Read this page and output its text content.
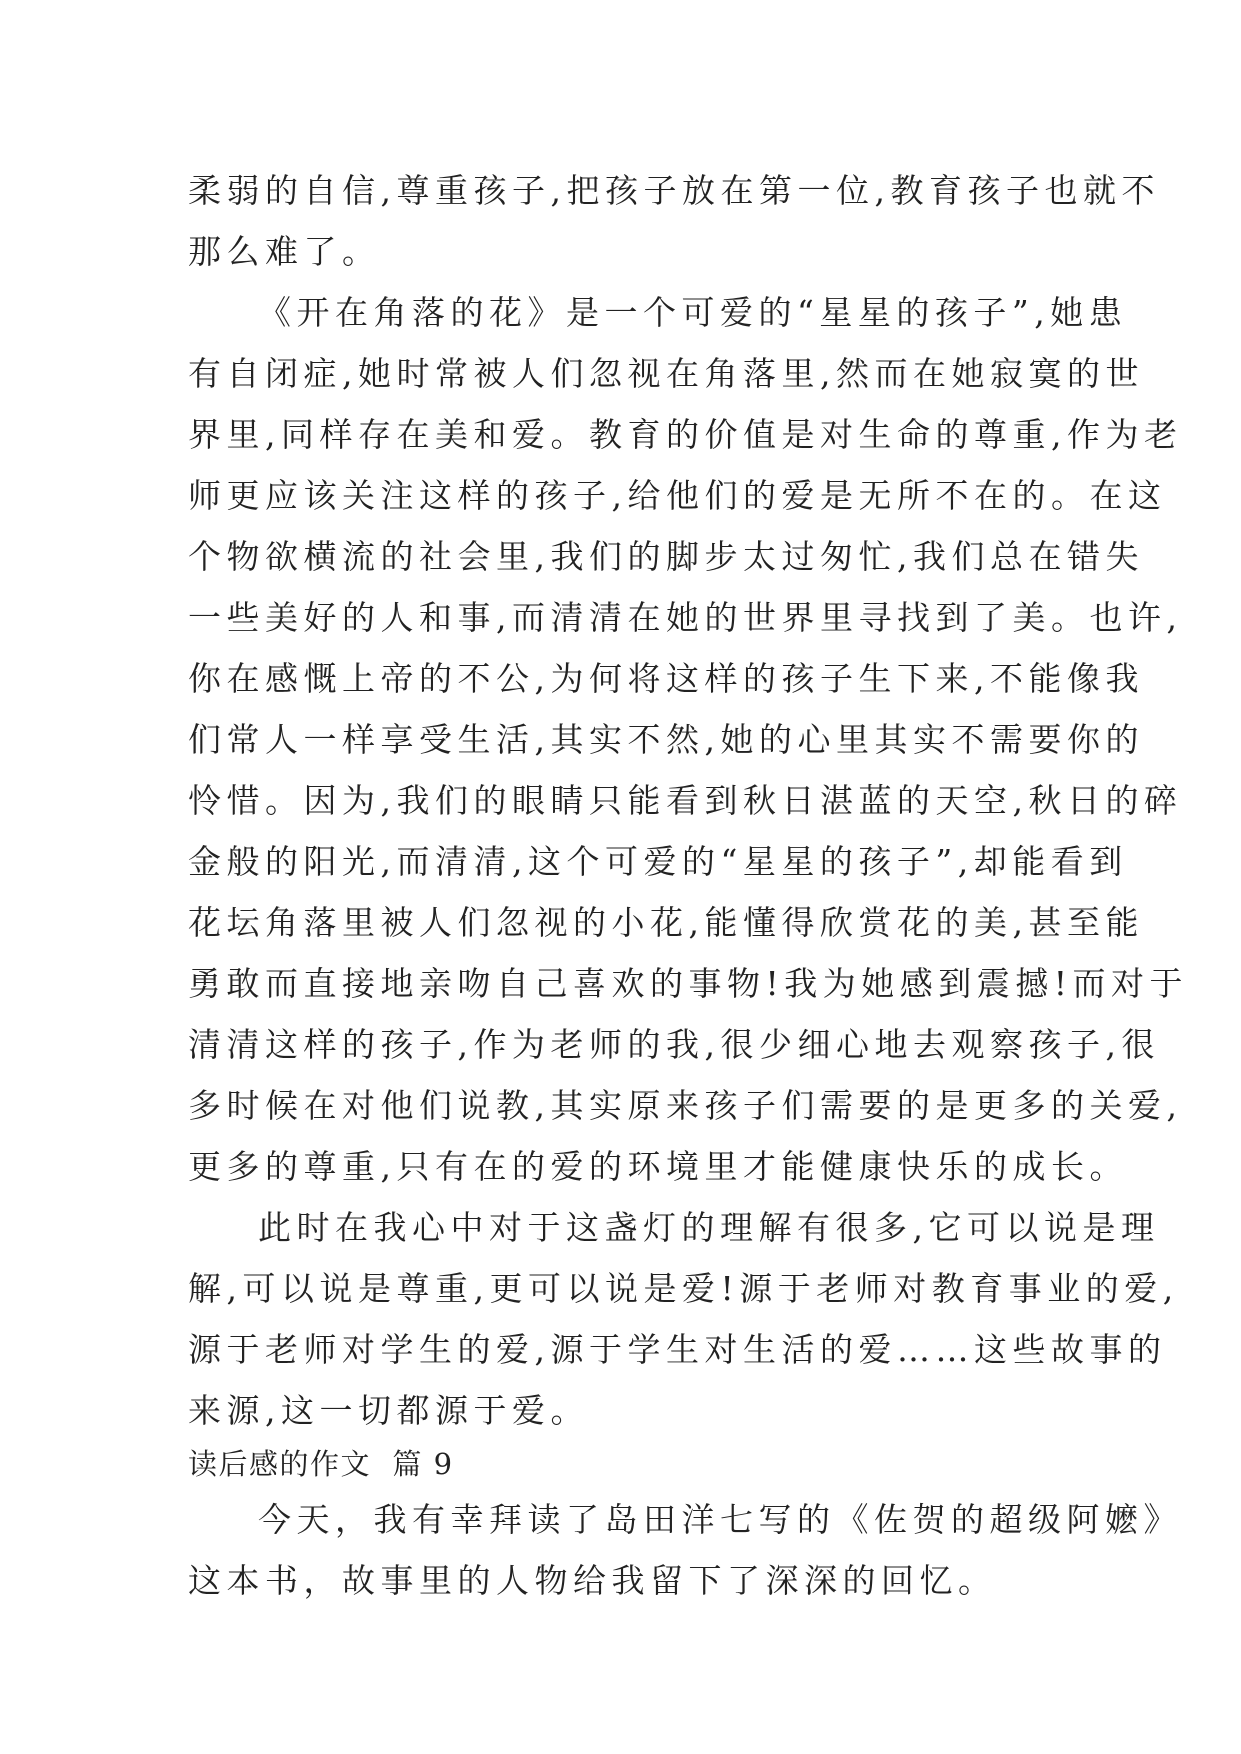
柔弱的自信,尊重孩子,把孩子放在第一位,教育孩子也就不
那么难了。
《开在角落的花》是一个可爱的“星星的孩子”,她患
有自闭症,她时常被人们忽视在角落里,然而在她寂寞的世
界里,同样存在美和爱。教育的价值是对生命的尊重,作为老
师更应该关注这样的孩子,给他们的爱是无所不在的。在这
个物欲横流的社会里,我们的脚步太过匆忙,我们总在错失
一些美好的人和事,而清清在她的世界里寻找到了美。也许,
你在感慨上帝的不公,为何将这样的孩子生下来,不能像我
们常人一样享受生活,其实不然,她的心里其实不需要你的
怜惜。因为,我们的眼睛只能看到秋日湛蓝的天空,秋日的碎
金般的阳光,而清清,这个可爱的“星星的孩子”,却能看到
花坛角落里被人们忽视的小花,能懂得欣赏花的美,甚至能
勇敢而直接地亲吻自己喜欢的事物!我为她感到震撼!而对于
清清这样的孩子,作为老师的我,很少细心地去观察孩子,很
多时候在对他们说教,其实原来孩子们需要的是更多的关爱,
更多的尊重,只有在的爱的环境里才能健康快乐的成长。
此时在我心中对于这盏灯的理解有很多,它可以说是理
解,可以说是尊重,更可以说是爱!源于老师对教育事业的爱,
源于老师对学生的爱,源于学生对生活的爱……这些故事的
来源,这一切都源于爱。
读后感的作文  篇 9
今天，我有幸拜读了岛田洋七写的《佐贺的超级阿嬷》
这本书，故事里的人物给我留下了深深的回忆。
